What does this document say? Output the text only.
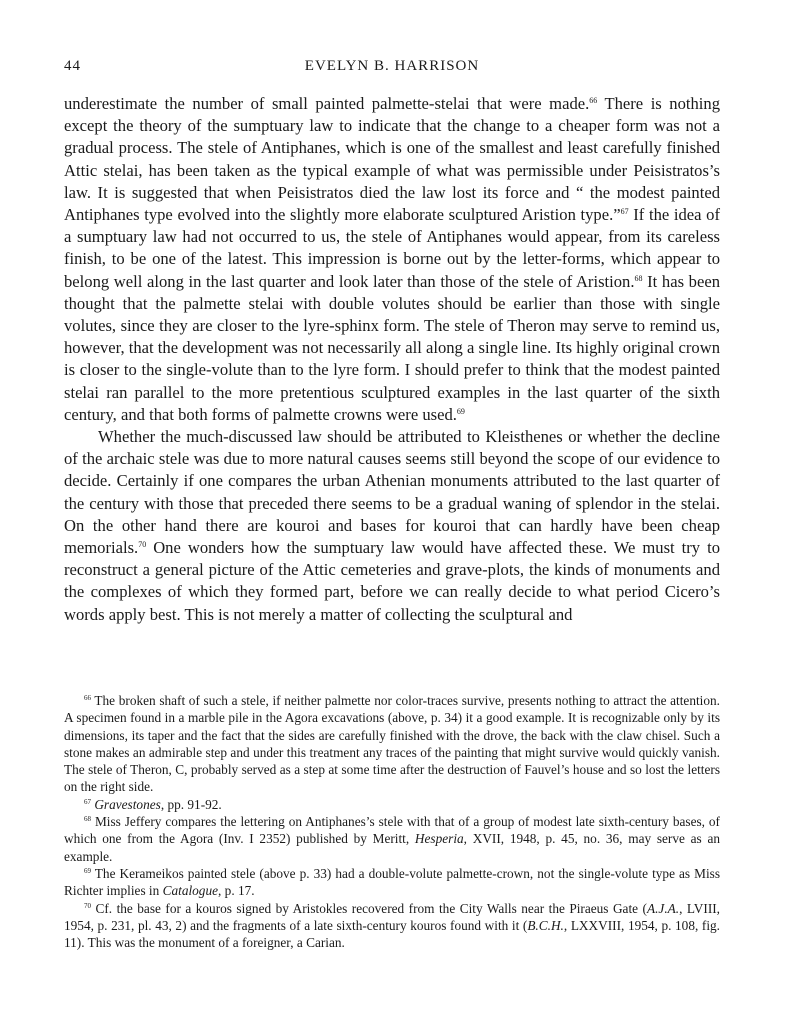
44	EVELYN B. HARRISON

underestimate the number of small painted palmette-stelai that were made.$^{66}$ There is nothing except the theory of the sumptuary law to indicate that the change to a cheaper form was not a gradual process. The stele of Antiphanes, which is one of the smallest and least carefully finished Attic stelai, has been taken as the typical example of what was permissible under Peisistratos’s law. It is suggested that when Peisistratos died the law lost its force and “ the modest painted Antiphanes type evolved into the slightly more elaborate sculptured Aristion type.”$^{67}$ If the idea of a sumptuary law had not occurred to us, the stele of Antiphanes would appear, from its careless finish, to be one of the latest. This impression is borne out by the letter-forms, which appear to belong well along in the last quarter and look later than those of the stele of Aristion.$^{68}$ It has been thought that the palmette stelai with double volutes should be earlier than those with single volutes, since they are closer to the lyre-sphinx form. The stele of Theron may serve to remind us, however, that the development was not necessarily all along a single line. Its highly original crown is closer to the single-volute than to the lyre form. I should prefer to think that the modest painted stelai ran parallel to the more pretentious sculptured examples in the last quarter of the sixth century, and that both forms of palmette crowns were used.$^{69}$

Whether the much-discussed law should be attributed to Kleisthenes or whether the decline of the archaic stele was due to more natural causes seems still beyond the scope of our evidence to decide. Certainly if one compares the urban Athenian monuments attributed to the last quarter of the century with those that preceded there seems to be a gradual waning of splendor in the stelai. On the other hand there are kouroi and bases for kouroi that can hardly have been cheap memorials.$^{70}$ One wonders how the sumptuary law would have affected these. We must try to reconstruct a general picture of the Attic cemeteries and grave-plots, the kinds of monuments and the complexes of which they formed part, before we can really decide to what period Cicero’s words apply best. This is not merely a matter of collecting the sculptural and

$^{66}$ The broken shaft of such a stele, if neither palmette nor color-traces survive, presents nothing to attract the attention. A specimen found in a marble pile in the Agora excavations (above, p. 34) it a good example. It is recognizable only by its dimensions, its taper and the fact that the sides are carefully finished with the drove, the back with the claw chisel. Such a stone makes an admirable step and under this treatment any traces of the painting that might survive would quickly vanish. The stele of Theron, C, probably served as a step at some time after the destruction of Fauvel’s house and so lost the letters on the right side.

$^{67}$ Gravestones, pp. 91-92.

$^{68}$ Miss Jeffery compares the lettering on Antiphanes’s stele with that of a group of modest late sixth-century bases, of which one from the Agora (Inv. I 2352) published by Meritt, Hesperia, XVII, 1948, p. 45, no. 36, may serve as an example.

$^{69}$ The Kerameikos painted stele (above p. 33) had a double-volute palmette-crown, not the single-volute type as Miss Richter implies in Catalogue, p. 17.

$^{70}$ Cf. the base for a kouros signed by Aristokles recovered from the City Walls near the Piraeus Gate (A.J.A., LVIII, 1954, p. 231, pl. 43, 2) and the fragments of a late sixth-century kouros found with it (B.C.H., LXXVIII, 1954, p. 108, fig. 11). This was the monument of a foreigner, a Carian.
